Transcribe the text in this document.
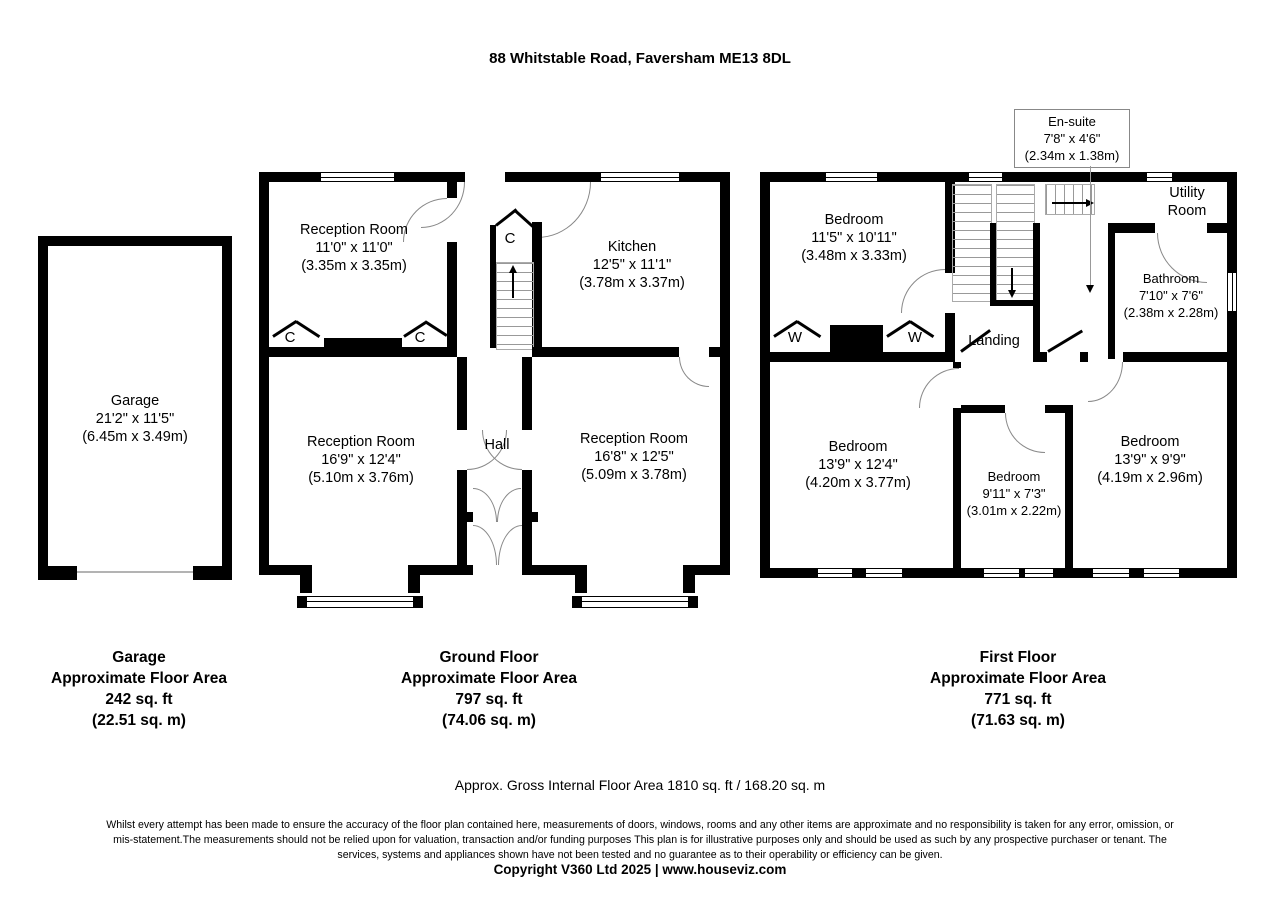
88 Whitstable Road, Faversham ME13 8DL
Garage
21'2" x 11'5"
(6.45m x 3.49m)
C	C
C
Reception Room
11'0" x 11'0"
(3.35m x 3.35m)
Kitchen
12'5" x 11'1"
(3.78m x 3.37m)
Reception Room
16'9" x 12'4"
(5.10m x 3.76m)
Hall	Reception Room
16'8" x 12'5"
(5.09m x 3.78m)
W	W
Bedroom
11'5" x 10'11"
(3.48m x 3.33m)
Utility Room
Bathroom
7'10" x 7'6"
(2.38m x 2.28m)
Landing
Bedroom
13'9" x 12'4"
(4.20m x 3.77m)	Bedroom
9'11" x 7'3"
(3.01m x 2.22m)
Bedroom
13'9" x 9'9"
(4.19m x 2.96m)
En-suite
7'8" x 4'6"
(2.34m x 1.38m)
Garage
Approximate Floor Area
242 sq. ft
(22.51 sq. m)
Ground Floor
Approximate Floor Area
797 sq. ft
(74.06 sq. m)
First Floor
Approximate Floor Area
771 sq. ft
(71.63 sq. m)
Approx. Gross Internal Floor Area 1810 sq. ft / 168.20 sq. m
Whilst every attempt has been made to ensure the accuracy of the floor plan contained here, measurements of doors, windows, rooms and any other items are approximate and no responsibility is taken for any error, omission, or mis-statement.The measurements should not be relied upon for valuation, transaction and/or funding purposes This plan is for illustrative purposes only and should be used as such by any prospective purchaser or tenant. The services, systems and appliances shown have not been tested and no guarantee as to their operability or efficiency can be given.
Copyright V360 Ltd 2025 | www.houseviz.com
